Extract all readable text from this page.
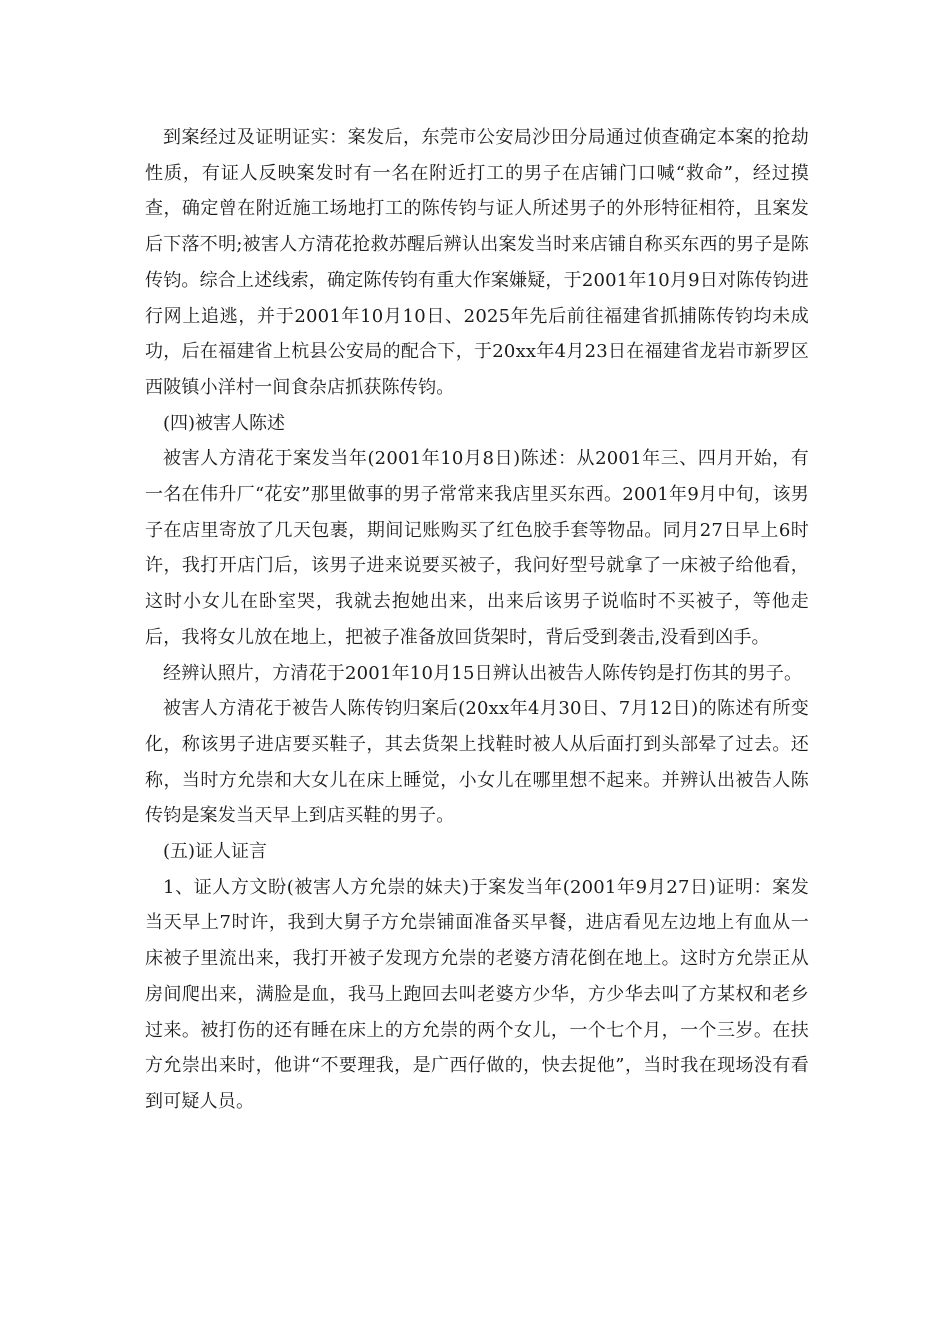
到案经过及证明证实：案发后，东莞市公安局沙田分局通过侦查确定本案的抢劫性质，有证人反映案发时有一名在附近打工的男子在店铺门口喊“救命”，经过摸查，确定曾在附近施工场地打工的陈传钧与证人所述男子的外形特征相符，且案发后下落不明;被害人方清花抢救苏醒后辨认出案发当时来店铺自称买东西的男子是陈传钧。综合上述线索，确定陈传钧有重大作案嫌疑，于2001年10月9日对陈传钧进行网上追逃，并于2001年10月10日、2025年先后前往福建省抓捕陈传钧均未成功，后在福建省上杭县公安局的配合下，于20xx年4月23日在福建省龙岩市新罗区西陂镇小洋村一间食杂店抓获陈传钧。

(四)被害人陈述

被害人方清花于案发当年(2001年10月8日)陈述：从2001年三、四月开始，有一名在伟升厂“花安”那里做事的男子常常来我店里买东西。2001年9月中旬，该男子在店里寄放了几天包裹，期间记账购买了红色胶手套等物品。同月27日早上6时许，我打开店门后，该男子进来说要买被子，我问好型号就拿了一床被子给他看，这时小女儿在卧室哭，我就去抱她出来，出来后该男子说临时不买被子，等他走后，我将女儿放在地上，把被子准备放回货架时，背后受到袭击,没看到凶手。

经辨认照片，方清花于2001年10月15日辨认出被告人陈传钧是打伤其的男子。

被害人方清花于被告人陈传钧归案后(20xx年4月30日、7月12日)的陈述有所变化，称该男子进店要买鞋子，其去货架上找鞋时被人从后面打到头部晕了过去。还称，当时方允崇和大女儿在床上睡觉，小女儿在哪里想不起来。并辨认出被告人陈传钧是案发当天早上到店买鞋的男子。

(五)证人证言

1、证人方文盼(被害人方允崇的妹夫)于案发当年(2001年9月27日)证明：案发当天早上7时许，我到大舅子方允崇铺面准备买早餐，进店看见左边地上有血从一床被子里流出来，我打开被子发现方允崇的老婆方清花倒在地上。这时方允崇正从房间爬出来，满脸是血，我马上跑回去叫老婆方少华，方少华去叫了方某权和老乡过来。被打伤的还有睡在床上的方允崇的两个女儿，一个七个月，一个三岁。在扶方允崇出来时，他讲“不要理我，是广西仔做的，快去捉他”，当时我在现场没有看到可疑人员。
